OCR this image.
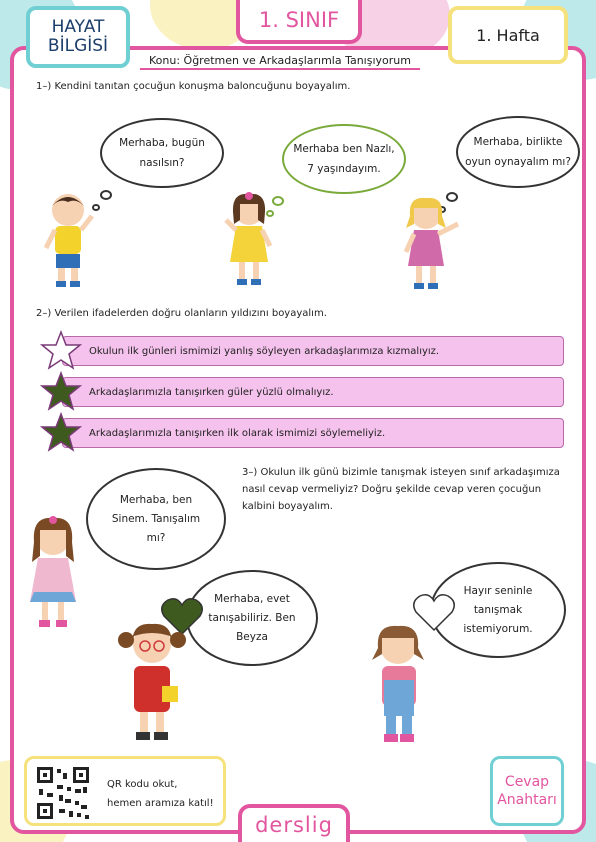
HAYAT
BİLGİSİ
1. SINIF
1. Hafta
Konu: Öğretmen ve Arkadaşlarımla Tanışıyorum
1–) Kendini tanıtan çocuğun konuşma baloncuğunu boyayalım.
Merhaba, bugün
nasılsın?
Merhaba ben Nazlı,
7 yaşındayım.
Merhaba, birlikte
oyun oynayalım mı?
2–) Verilen ifadelerden doğru olanların yıldızını boyayalım.
Okulun ilk günleri ismimizi yanlış söyleyen arkadaşlarımıza kızmalıyız.
Arkadaşlarımızla tanışırken güler yüzlü olmalıyız.
Arkadaşlarımızla tanışırken ilk olarak ismimizi söylemeliyiz.
3–) Okulun ilk günü bizimle tanışmak isteyen sınıf arkadaşımıza
nasıl cevap vermeliyiz? Doğru şekilde cevap veren çocuğun
kalbini boyayalım.
Merhaba, ben
Sinem. Tanışalım
mı?
Merhaba, evet
tanışabiliriz. Ben
Beyza
Hayır seninle
tanışmak
istemiyorum.
QR kodu okut,
hemen aramıza katıl!
derslig
Cevap
Anahtarı
